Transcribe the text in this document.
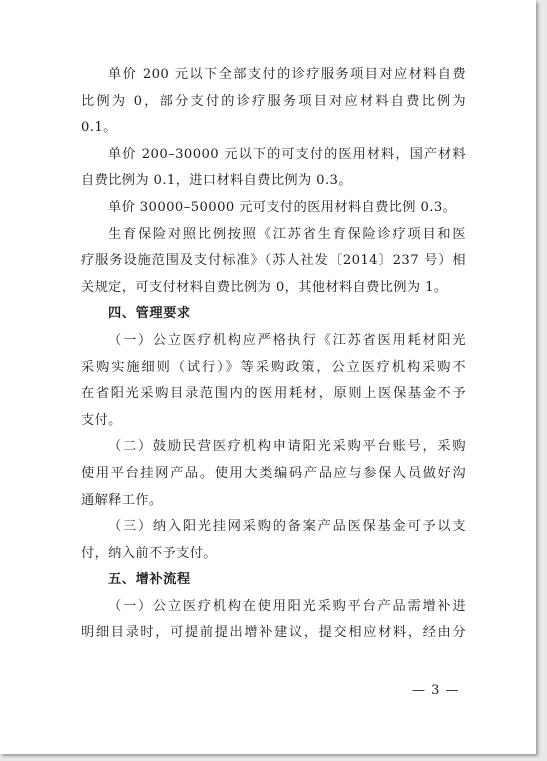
单价 200 元以下全部支付的诊疗服务项目对应材料自费

比例为 0，部分支付的诊疗服务项目对应材料自费比例为

0.1。

单价 200–30000 元以下的可支付的医用材料，国产材料

自费比例为 0.1，进口材料自费比例为 0.3。

单价 30000–50000 元可支付的医用材料自费比例 0.3。

生育保险对照比例按照《江苏省生育保险诊疗项目和医

疗服务设施范围及支付标准》（苏人社发〔2014〕237 号）相

关规定，可支付材料自费比例为 0，其他材料自费比例为 1。

四、管理要求

（一）公立医疗机构应严格执行《江苏省医用耗材阳光

采购实施细则（试行）》等采购政策，公立医疗机构采购不

在省阳光采购目录范围内的医用耗材，原则上医保基金不予

支付。

（二）鼓励民营医疗机构申请阳光采购平台账号，采购

使用平台挂网产品。使用大类编码产品应与参保人员做好沟

通解释工作。

（三）纳入阳光挂网采购的备案产品医保基金可予以支

付，纳入前不予支付。

五、增补流程

（一）公立医疗机构在使用阳光采购平台产品需增补进

明细目录时，可提前提出增补建议，提交相应材料，经由分

— 3 —
